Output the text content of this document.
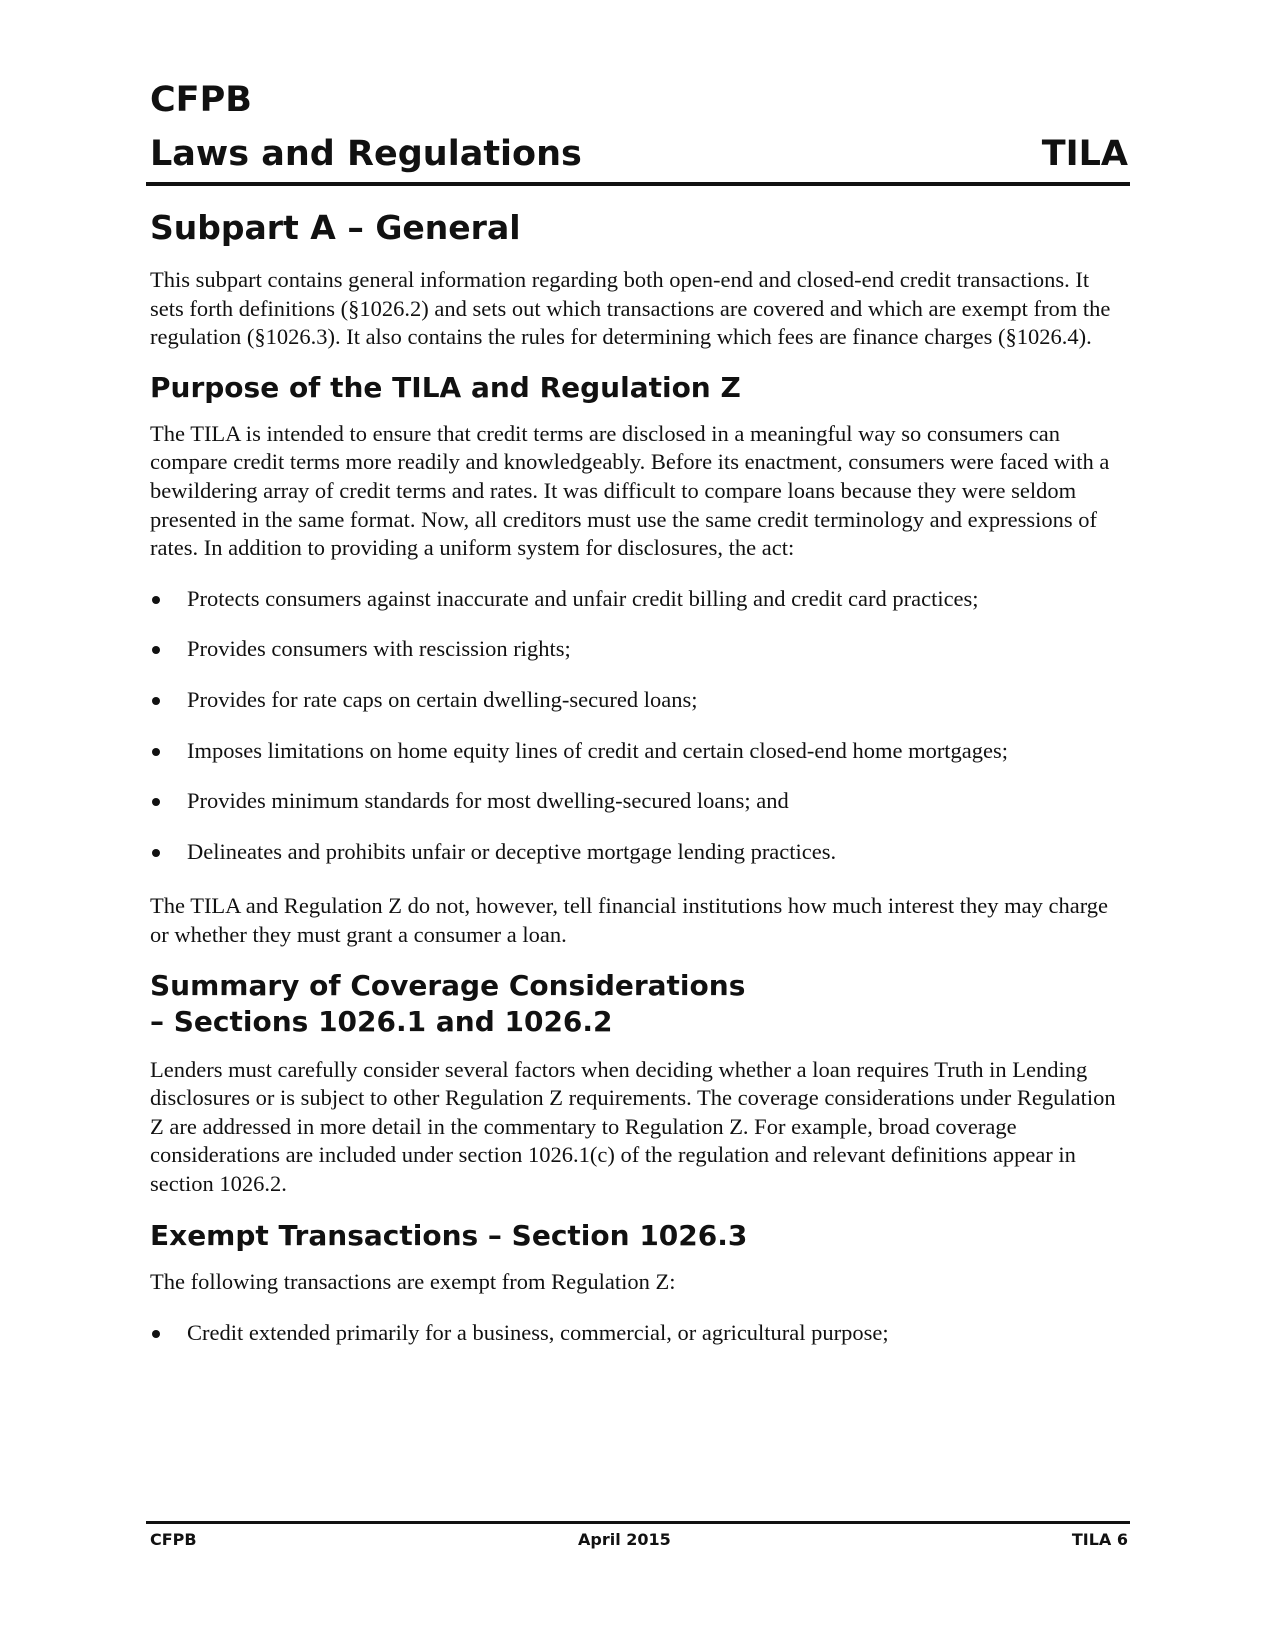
CFPB
Laws and Regulations	TILA
Subpart A – General

This subpart contains general information regarding both open-end and closed-end credit transactions. It sets forth definitions (§1026.2) and sets out which transactions are covered and which are exempt from the regulation (§1026.3). It also contains the rules for determining which fees are finance charges (§1026.4).

Purpose of the TILA and Regulation Z

The TILA is intended to ensure that credit terms are disclosed in a meaningful way so consumers can compare credit terms more readily and knowledgeably. Before its enactment, consumers were faced with a bewildering array of credit terms and rates. It was difficult to compare loans because they were seldom presented in the same format. Now, all creditors must use the same credit terminology and expressions of rates. In addition to providing a uniform system for disclosures, the act:

Protects consumers against inaccurate and unfair credit billing and credit card practices;
Provides consumers with rescission rights;
Provides for rate caps on certain dwelling-secured loans;
Imposes limitations on home equity lines of credit and certain closed-end home mortgages;
Provides minimum standards for most dwelling-secured loans; and
Delineates and prohibits unfair or deceptive mortgage lending practices.

The TILA and Regulation Z do not, however, tell financial institutions how much interest they may charge or whether they must grant a consumer a loan.

Summary of Coverage Considerations
– Sections 1026.1 and 1026.2

Lenders must carefully consider several factors when deciding whether a loan requires Truth in Lending disclosures or is subject to other Regulation Z requirements. The coverage considerations under Regulation Z are addressed in more detail in the commentary to Regulation Z. For example, broad coverage considerations are included under section 1026.1(c) of the regulation and relevant definitions appear in section 1026.2.

Exempt Transactions – Section 1026.3

The following transactions are exempt from Regulation Z:

Credit extended primarily for a business, commercial, or agricultural purpose;
CFPB	April 2015	TILA 6
